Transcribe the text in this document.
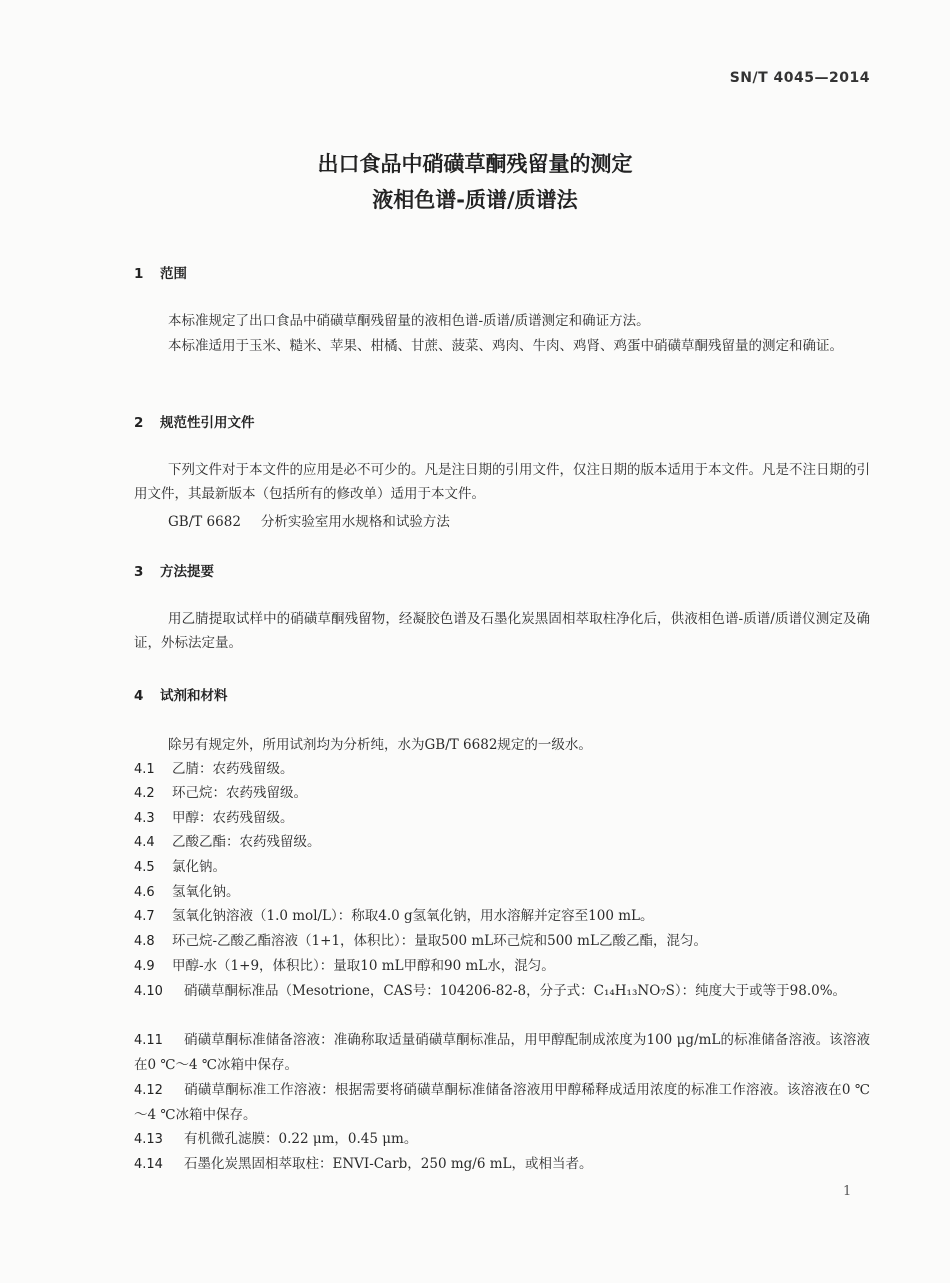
SN/T 4045—2014
出口食品中硝磺草酮残留量的测定
液相色谱-质谱/质谱法
1 范围
本标准规定了出口食品中硝磺草酮残留量的液相色谱-质谱/质谱测定和确证方法。
本标准适用于玉米、糙米、苹果、柑橘、甘蔗、菠菜、鸡肉、牛肉、鸡肾、鸡蛋中硝磺草酮残留量的测定和确证。
2 规范性引用文件
下列文件对于本文件的应用是必不可少的。凡是注日期的引用文件，仅注日期的版本适用于本文件。凡是不注日期的引用文件，其最新版本（包括所有的修改单）适用于本文件。
GB/T 6682 分析实验室用水规格和试验方法
3 方法提要
用乙腈提取试样中的硝磺草酮残留物，经凝胶色谱及石墨化炭黑固相萃取柱净化后，供液相色谱-质谱/质谱仪测定及确证，外标法定量。
4 试剂和材料
除另有规定外，所用试剂均为分析纯，水为GB/T 6682规定的一级水。
4.1 乙腈：农药残留级。
4.2 环己烷：农药残留级。
4.3 甲醇：农药残留级。
4.4 乙酸乙酯：农药残留级。
4.5 氯化钠。
4.6 氢氧化钠。
4.7 氢氧化钠溶液（1.0 mol/L）：称取4.0 g氢氧化钠，用水溶解并定容至100 mL。
4.8 环己烷-乙酸乙酯溶液（1+1，体积比）：量取500 mL环己烷和500 mL乙酸乙酯，混匀。
4.9 甲醇-水（1+9，体积比）：量取10 mL甲醇和90 mL水，混匀。
4.10 硝磺草酮标准品（Mesotrione，CAS号：104206-82-8，分子式：C₁₄H₁₃NO₇S）：纯度大于或等于98.0%。
4.11 硝磺草酮标准储备溶液：准确称取适量硝磺草酮标准品，用甲醇配制成浓度为100 μg/mL的标准储备溶液。该溶液在0 ℃～4 ℃冰箱中保存。
4.12 硝磺草酮标准工作溶液：根据需要将硝磺草酮标准储备溶液用甲醇稀释成适用浓度的标准工作溶液。该溶液在0 ℃～4 ℃冰箱中保存。
4.13 有机微孔滤膜：0.22 μm，0.45 μm。
4.14 石墨化炭黑固相萃取柱：ENVI-Carb，250 mg/6 mL，或相当者。
1
